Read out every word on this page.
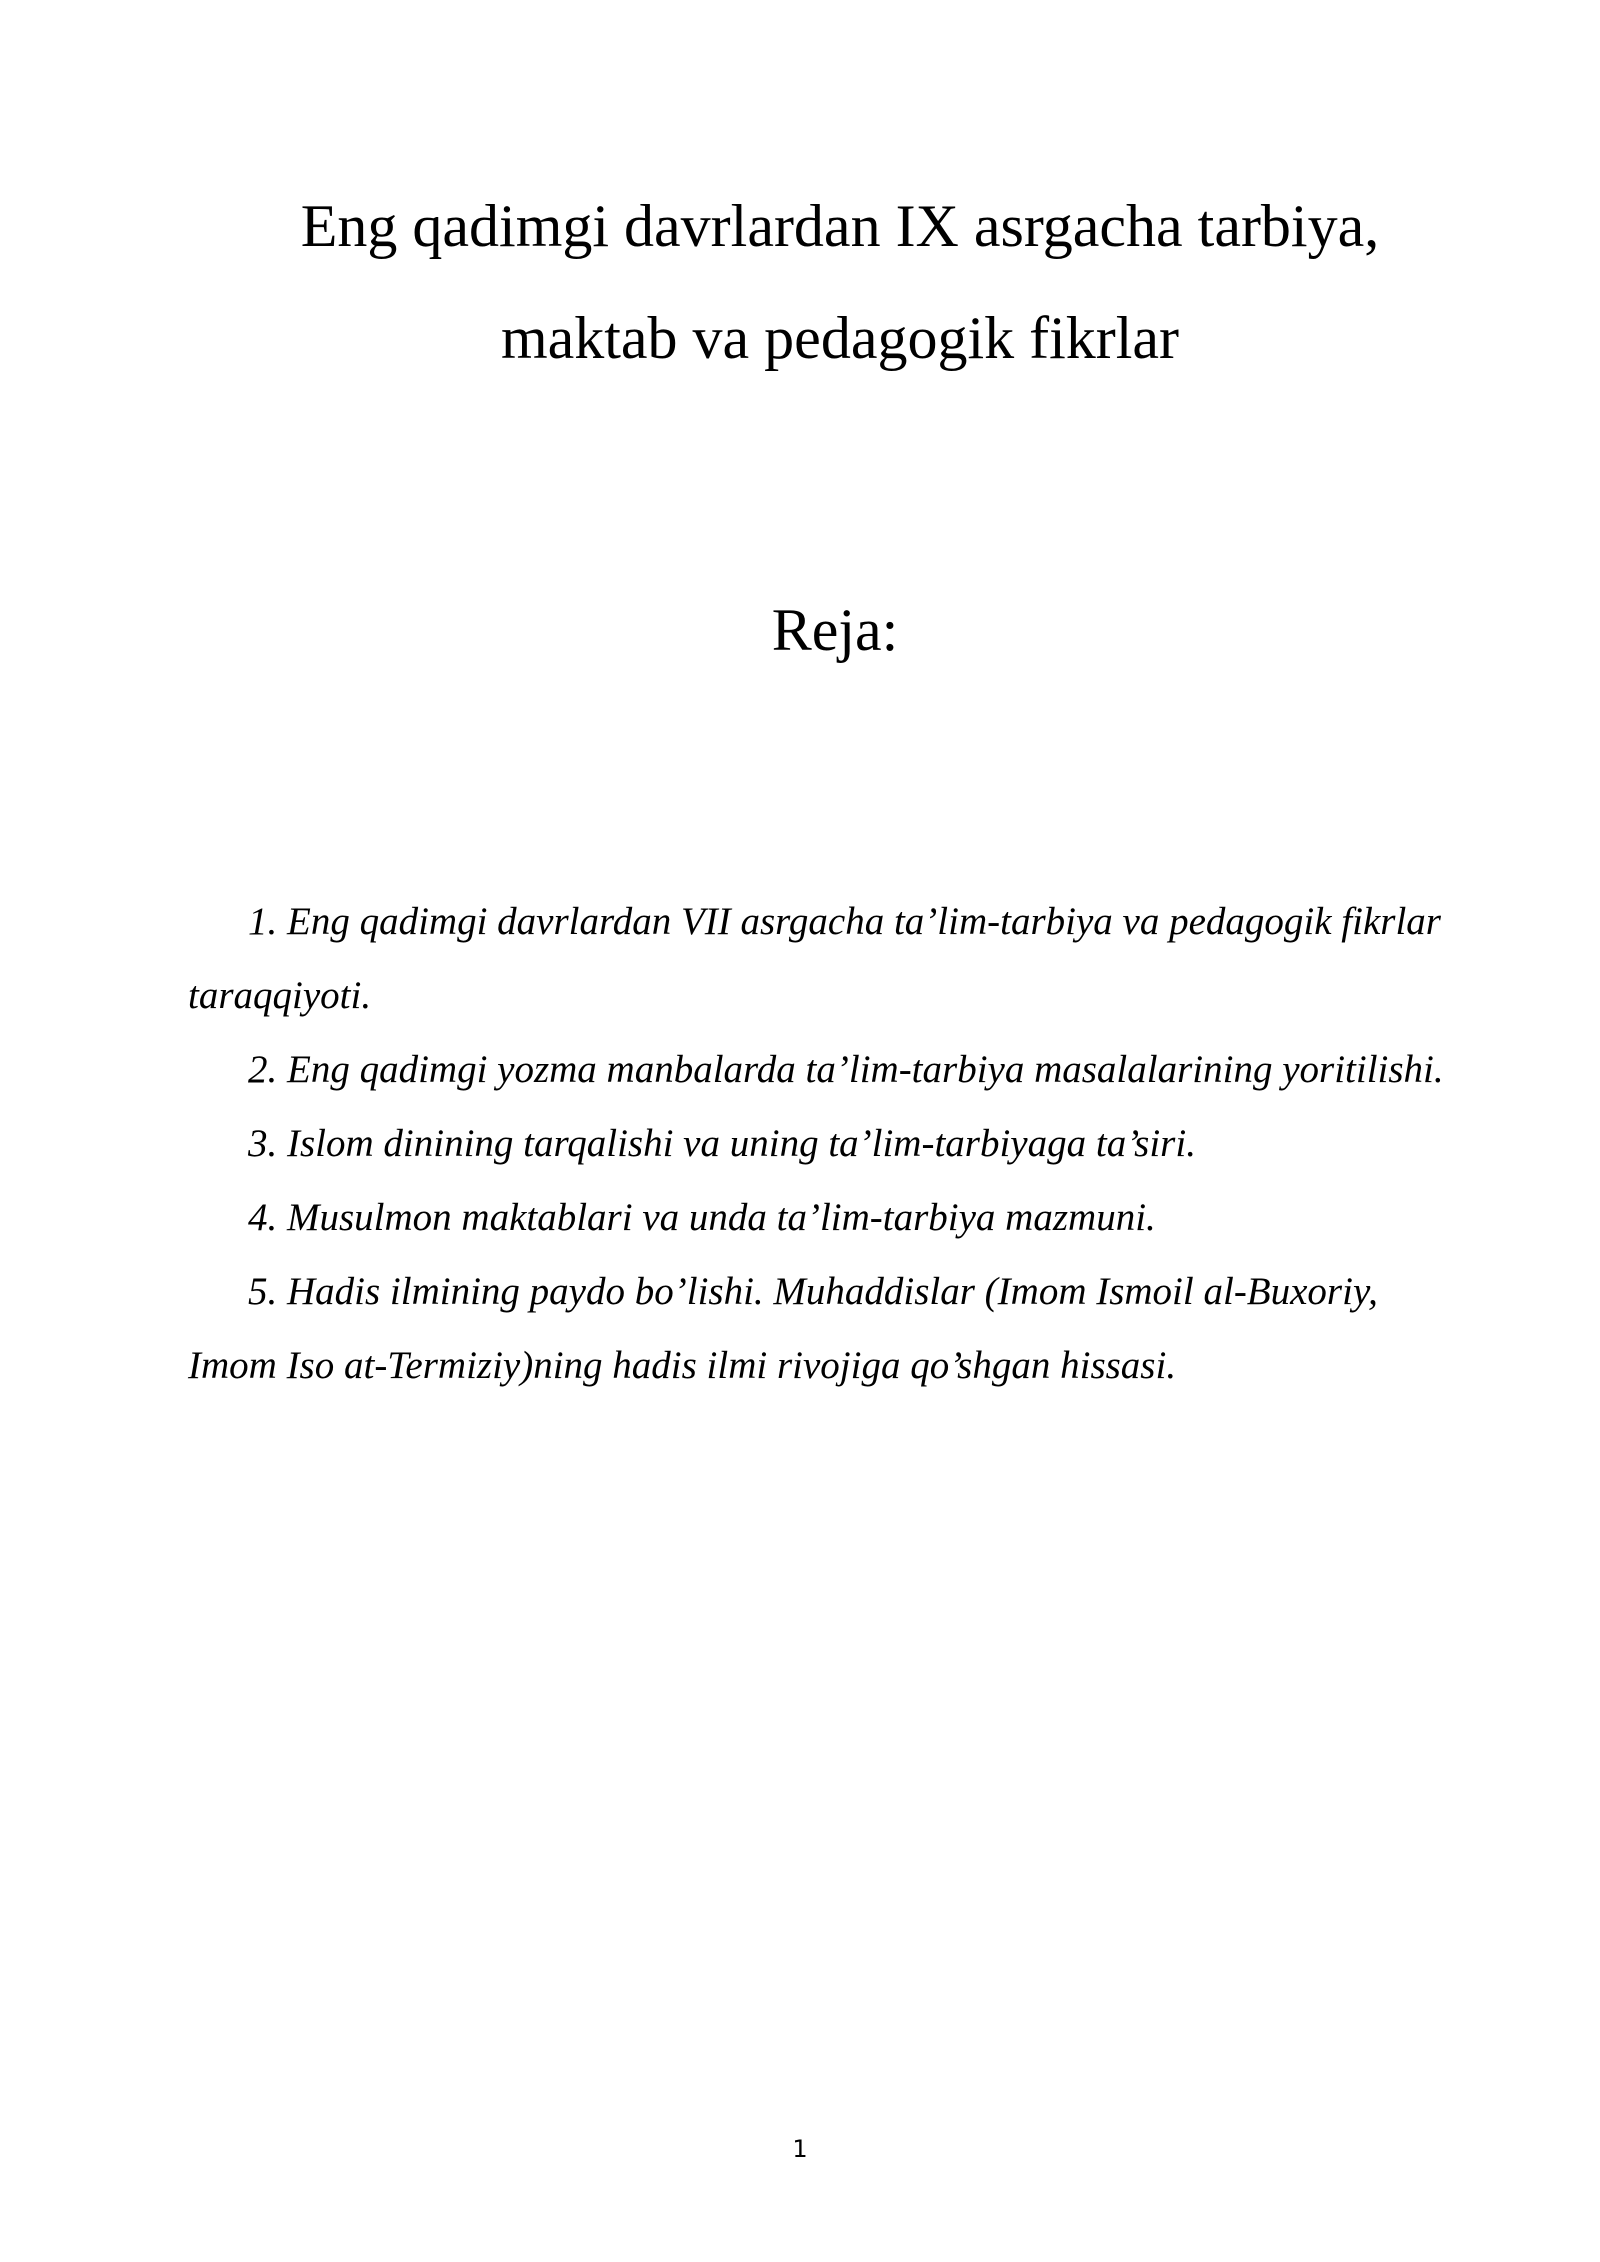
Eng qadimgi davrlardan IX asrgacha tarbiya,
maktab va pedagogik fikrlar
Reja:

1. Eng qadimgi davrlardan VII asrgacha ta’lim-tarbiya va pedagogik fikrlar taraqqiyoti.

2. Eng qadimgi yozma manbalarda ta’lim-tarbiya masalalarining yoritilishi.

3. Islom dinining tarqalishi va uning ta’lim-tarbiyaga ta’siri.

4. Musulmon maktablari va unda ta’lim-tarbiya mazmuni.

5. Hadis ilmining paydo bo’lishi. Muhaddislar (Imom Ismoil al-Buxoriy, Imom Iso at-Termiziy)ning hadis ilmi rivojiga qo’shgan hissasi.

1
